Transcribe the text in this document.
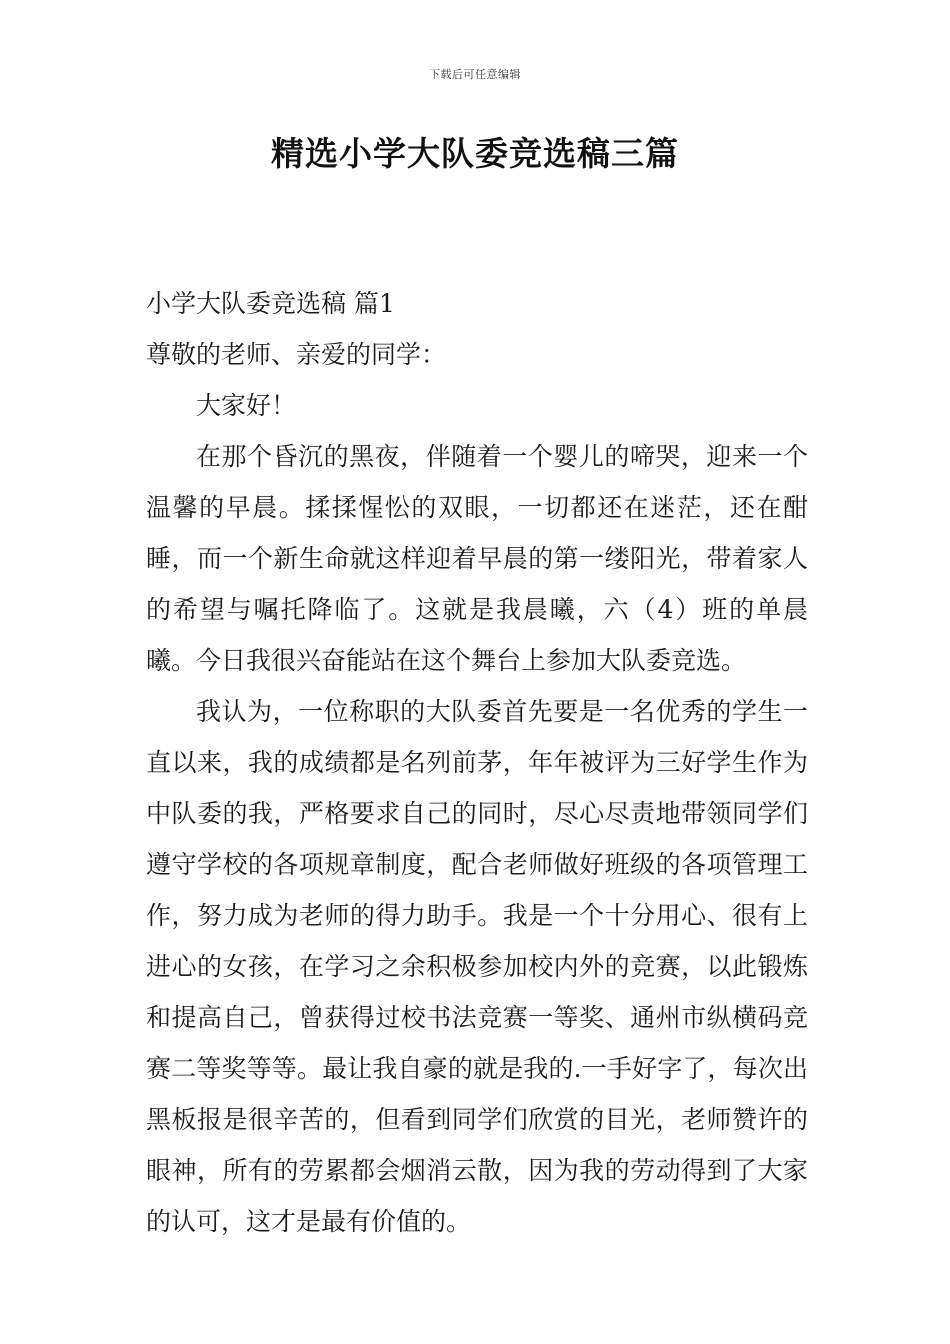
下载后可任意编辑
精选小学大队委竞选稿三篇

小学大队委竞选稿 篇1

尊敬的老师、亲爱的同学：

大家好！

在那个昏沉的黑夜，伴随着一个婴儿的啼哭，迎来一个温馨的早晨。揉揉惺忪的双眼，一切都还在迷茫，还在酣睡，而一个新生命就这样迎着早晨的第一缕阳光，带着家人的希望与嘱托降临了。这就是我晨曦，六（4）班的单晨曦。今日我很兴奋能站在这个舞台上参加大队委竞选。

我认为，一位称职的大队委首先要是一名优秀的学生一直以来，我的成绩都是名列前茅，年年被评为三好学生作为中队委的我，严格要求自己的同时，尽心尽责地带领同学们遵守学校的各项规章制度，配合老师做好班级的各项管理工作，努力成为老师的得力助手。我是一个十分用心、很有上进心的女孩，在学习之余积极参加校内外的竞赛，以此锻炼和提高自己，曾获得过校书法竞赛一等奖、通州市纵横码竞赛二等奖等等。最让我自豪的就是我的.一手好字了，每次出黑板报是很辛苦的，但看到同学们欣赏的目光，老师赞许的眼神，所有的劳累都会烟消云散，因为我的劳动得到了大家的认可，这才是最有价值的。
